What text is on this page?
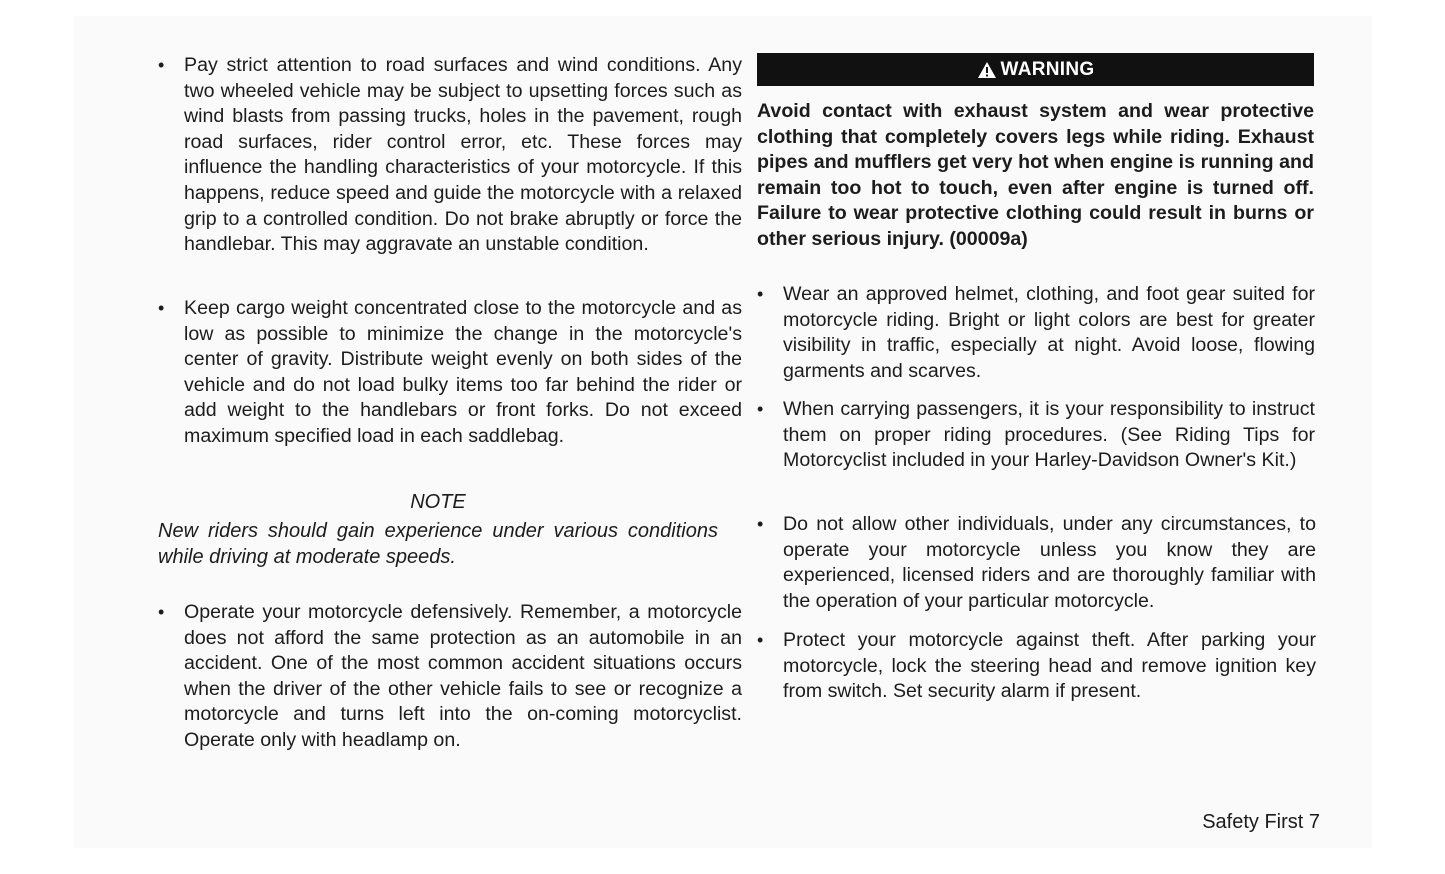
• Pay strict attention to road surfaces and wind conditions. Any two wheeled vehicle may be subject to upsetting forces such as wind blasts from passing trucks, holes in the pavement, rough road surfaces, rider control error, etc. These forces may influence the handling characteristics of your motorcycle. If this happens, reduce speed and guide the motorcycle with a relaxed grip to a controlled condition. Do not brake abruptly or force the handlebar. This may aggravate an unstable condition.
• Keep cargo weight concentrated close to the motorcycle and as low as possible to minimize the change in the motorcycle's center of gravity. Distribute weight evenly on both sides of the vehicle and do not load bulky items too far behind the rider or add weight to the handlebars or front forks. Do not exceed maximum specified load in each saddlebag.
NOTE
New riders should gain experience under various conditions while driving at moderate speeds.
• Operate your motorcycle defensively. Remember, a motorcycle does not afford the same protection as an automobile in an accident. One of the most common accident situations occurs when the driver of the other vehicle fails to see or recognize a motorcycle and turns left into the on-coming motorcyclist. Operate only with headlamp on.
WARNING
Avoid contact with exhaust system and wear protective clothing that completely covers legs while riding. Exhaust pipes and mufflers get very hot when engine is running and remain too hot to touch, even after engine is turned off. Failure to wear protective clothing could result in burns or other serious injury. (00009a)
• Wear an approved helmet, clothing, and foot gear suited for motorcycle riding. Bright or light colors are best for greater visibility in traffic, especially at night. Avoid loose, flowing garments and scarves.
• When carrying passengers, it is your responsibility to instruct them on proper riding procedures. (See Riding Tips for Motorcyclist included in your Harley-Davidson Owner's Kit.)
• Do not allow other individuals, under any circumstances, to operate your motorcycle unless you know they are experienced, licensed riders and are thoroughly familiar with the operation of your particular motorcycle.
• Protect your motorcycle against theft. After parking your motorcycle, lock the steering head and remove ignition key from switch. Set security alarm if present.
Safety First 7
